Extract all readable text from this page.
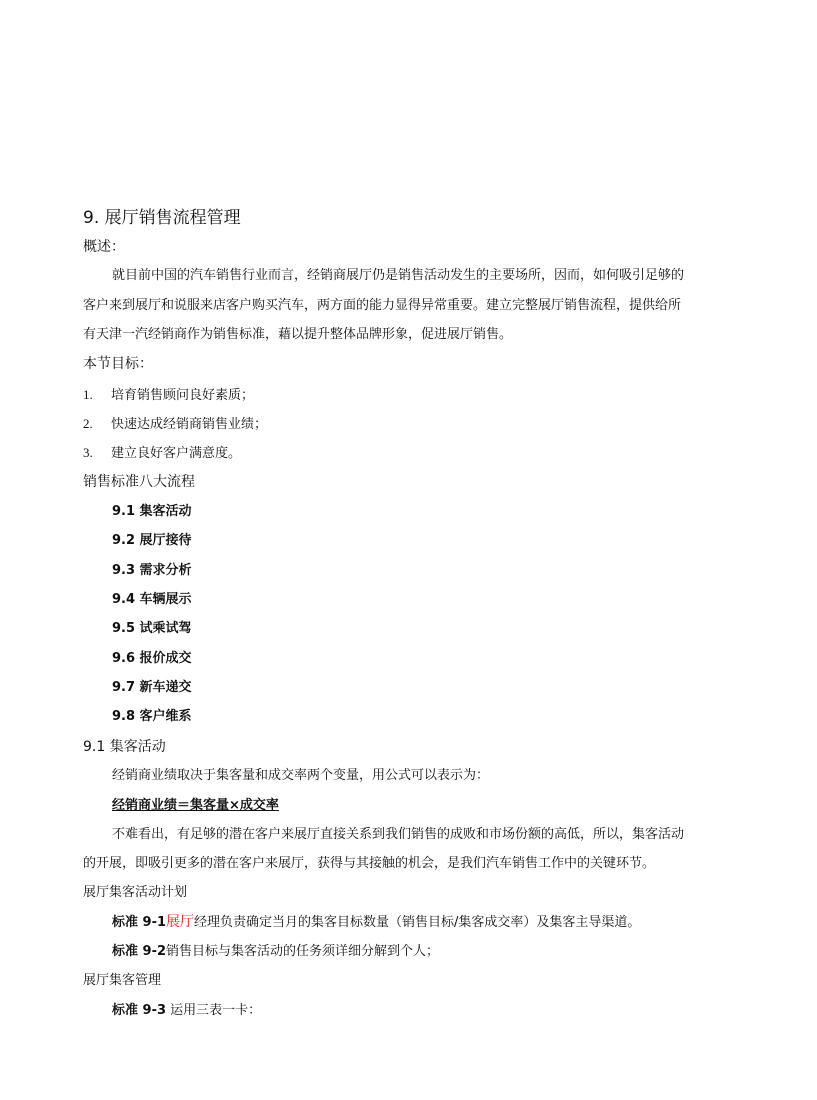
9. 展厅销售流程管理
概述：
就目前中国的汽车销售行业而言，经销商展厅仍是销售活动发生的主要场所，因而，如何吸引足够的
客户来到展厅和说服来店客户购买汽车，两方面的能力显得异常重要。建立完整展厅销售流程，提供给所
有天津一汽经销商作为销售标准，藉以提升整体品牌形象，促进展厅销售。
本节目标：
1. 培育销售顾问良好素质；
2. 快速达成经销商销售业绩；
3. 建立良好客户满意度。
销售标准八大流程
9.1 集客活动
9.2 展厅接待
9.3 需求分析
9.4 车辆展示
9.5 试乘试驾
9.6 报价成交
9.7 新车递交
9.8 客户维系
9.1 集客活动
经销商业绩取决于集客量和成交率两个变量，用公式可以表示为：
经销商业绩＝集客量×成交率
不难看出，有足够的潜在客户来展厅直接关系到我们销售的成败和市场份额的高低，所以，集客活动
的开展，即吸引更多的潜在客户来展厅，获得与其接触的机会，是我们汽车销售工作中的关键环节。
展厅集客活动计划
标准 9-1展厅经理负责确定当月的集客目标数量（销售目标/集客成交率）及集客主导渠道。
标准 9-2销售目标与集客活动的任务须详细分解到个人；
展厅集客管理
标准 9-3 运用三表一卡：
